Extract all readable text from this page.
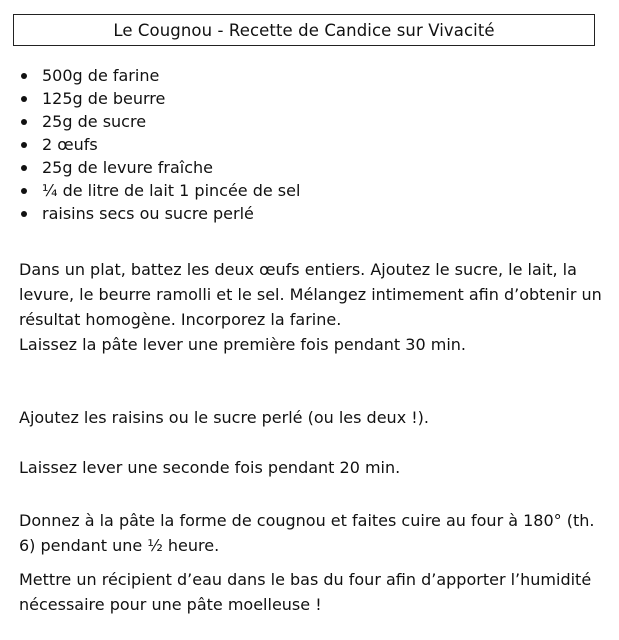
Le Cougnou - Recette de Candice sur Vivacité
500g de farine
125g de beurre
25g de sucre
2 œufs
25g de levure fraîche
¼ de litre de lait 1 pincée de sel
raisins secs ou sucre perlé

Dans un plat, battez les deux œufs entiers. Ajoutez le sucre, le lait, la levure, le beurre ramolli et le sel. Mélangez intimement afin d’obtenir un résultat homogène. Incorporez la farine.

Laissez la pâte lever une première fois pendant 30 min.

Ajoutez les raisins ou le sucre perlé (ou les deux !).

Laissez lever une seconde fois pendant 20 min.

Donnez à la pâte la forme de cougnou et faites cuire au four à 180° (th. 6) pendant une ½ heure.

Mettre un récipient d’eau dans le bas du four afin d’apporter l’humidité nécessaire pour une pâte moelleuse !
